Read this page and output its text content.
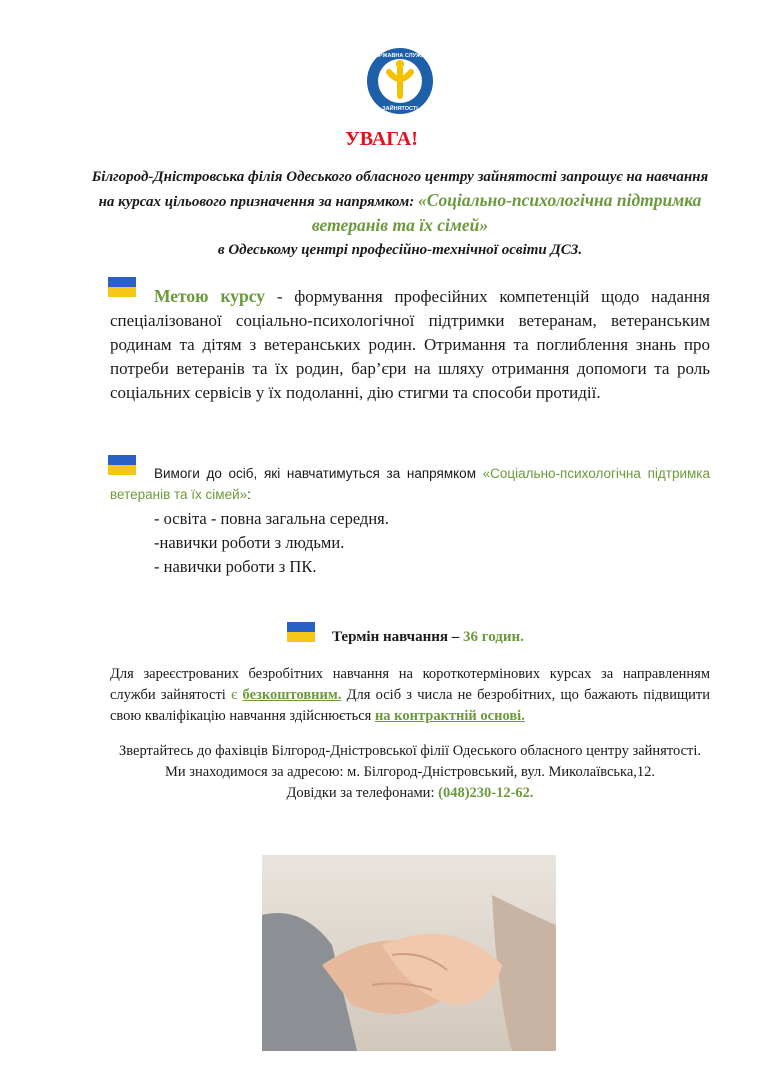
ДЕРЖАВНА СЛУЖБА
ЗАЙНЯТОСТІ
УВАГА!
Білгород-Дністровська філія Одеського обласного центру зайнятості запрошує на навчання на курсах цільового призначення за напрямком: «Соціально-психологічна підтримка ветеранів та їх сімей»
в Одеському центрі професійно-технічної освіти ДСЗ.
Метою курсу - формування професійних компетенцій щодо надання спеціалізованої соціально-психологічної підтримки ветеранам, ветеранським родинам та дітям з ветеранських родин. Отримання та поглиблення знань про потреби ветеранів та їх родин, бар’єри на шляху отримання допомоги та роль соціальних сервісів у їх подоланні, дію стигми та способи протидії.
Вимоги до осіб, які навчатимуться за напрямком «Соціально-психологічна підтримка ветеранів та їх сімей»:
- освіта - повна загальна середня.
-навички роботи з людьми.
- навички роботи з ПК.
Термін навчання – 36 годин.
Для зареєстрованих безробітних навчання на короткотермінових курсах за направленням служби зайнятості є безкоштовним. Для осіб з числа не безробітних, що бажають підвищити свою кваліфікацію навчання здійснюється на контрактній основі.
Звертайтесь до фахівців Білгород-Дністровської філії Одеського обласного центру зайнятості.
Ми знаходимося за адресою: м. Білгород-Дністровський, вул. Миколаївська,12.
Довідки за телефонами: (048)230-12-62.
